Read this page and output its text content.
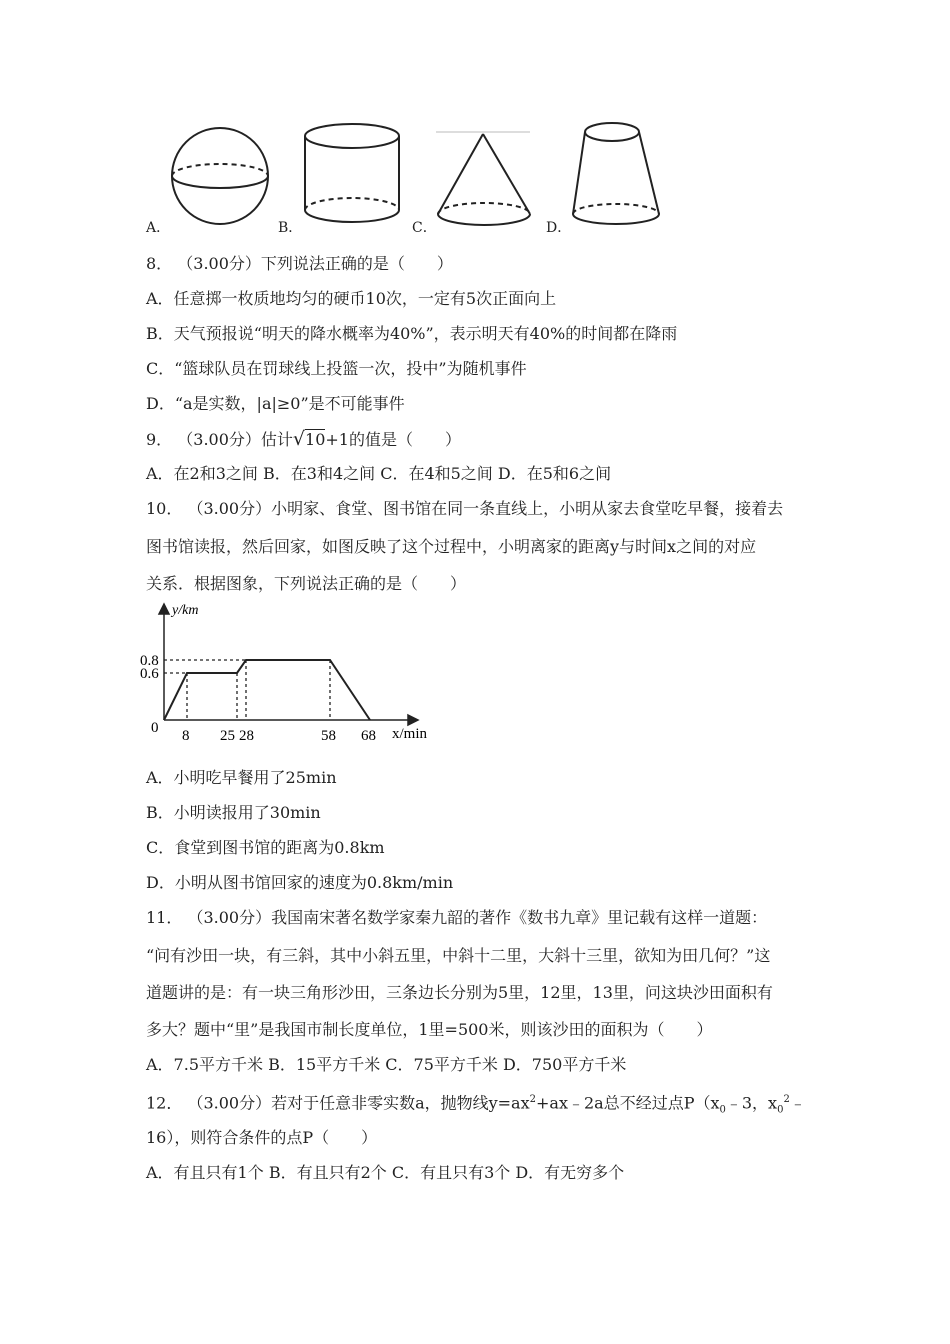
A．	B．	C．	D．
8． （3.00分）下列说法正确的是（　　）
A．任意掷一枚质地均匀的硬币10次，一定有5次正面向上
B．天气预报说“明天的降水概率为40%”，表示明天有40%的时间都在降雨
C．“篮球队员在罚球线上投篮一次，投中”为随机事件
D．“a是实数，|a|≥0”是不可能事件
9． （3.00分）估计√10+1的值是（　　）
A．在2和3之间 B．在3和4之间 C．在4和5之间 D．在5和6之间
10． （3.00分）小明家、食堂、图书馆在同一条直线上，小明从家去食堂吃早餐，接着去
图书馆读报，然后回家，如图反映了这个过程中，小明离家的距离y与时间x之间的对应
关系．根据图象，下列说法正确的是（　　）
y/km
x/min
0
0.8
0.6
8 25 28	58 68
A．小明吃早餐用了25min
B．小明读报用了30min
C．食堂到图书馆的距离为0.8km
D．小明从图书馆回家的速度为0.8km/min
11． （3.00分）我国南宋著名数学家秦九韶的著作《数书九章》里记载有这样一道题：
“问有沙田一块，有三斜，其中小斜五里，中斜十二里，大斜十三里，欲知为田几何？”这
道题讲的是：有一块三角形沙田，三条边长分别为5里，12里，13里，问这块沙田面积有
多大？题中“里”是我国市制长度单位，1里=500米，则该沙田的面积为（　　）
A．7.5平方千米 B．15平方千米 C．75平方千米 D．750平方千米
12． （3.00分）若对于任意非零实数a，抛物线$y=ax^2+ax﹣2a$总不经过点$P(x_0﹣3$，$x_0^2﹣$
16），则符合条件的点P（　　）
A．有且只有1个 B．有且只有2个 C．有且只有3个 D．有无穷多个
